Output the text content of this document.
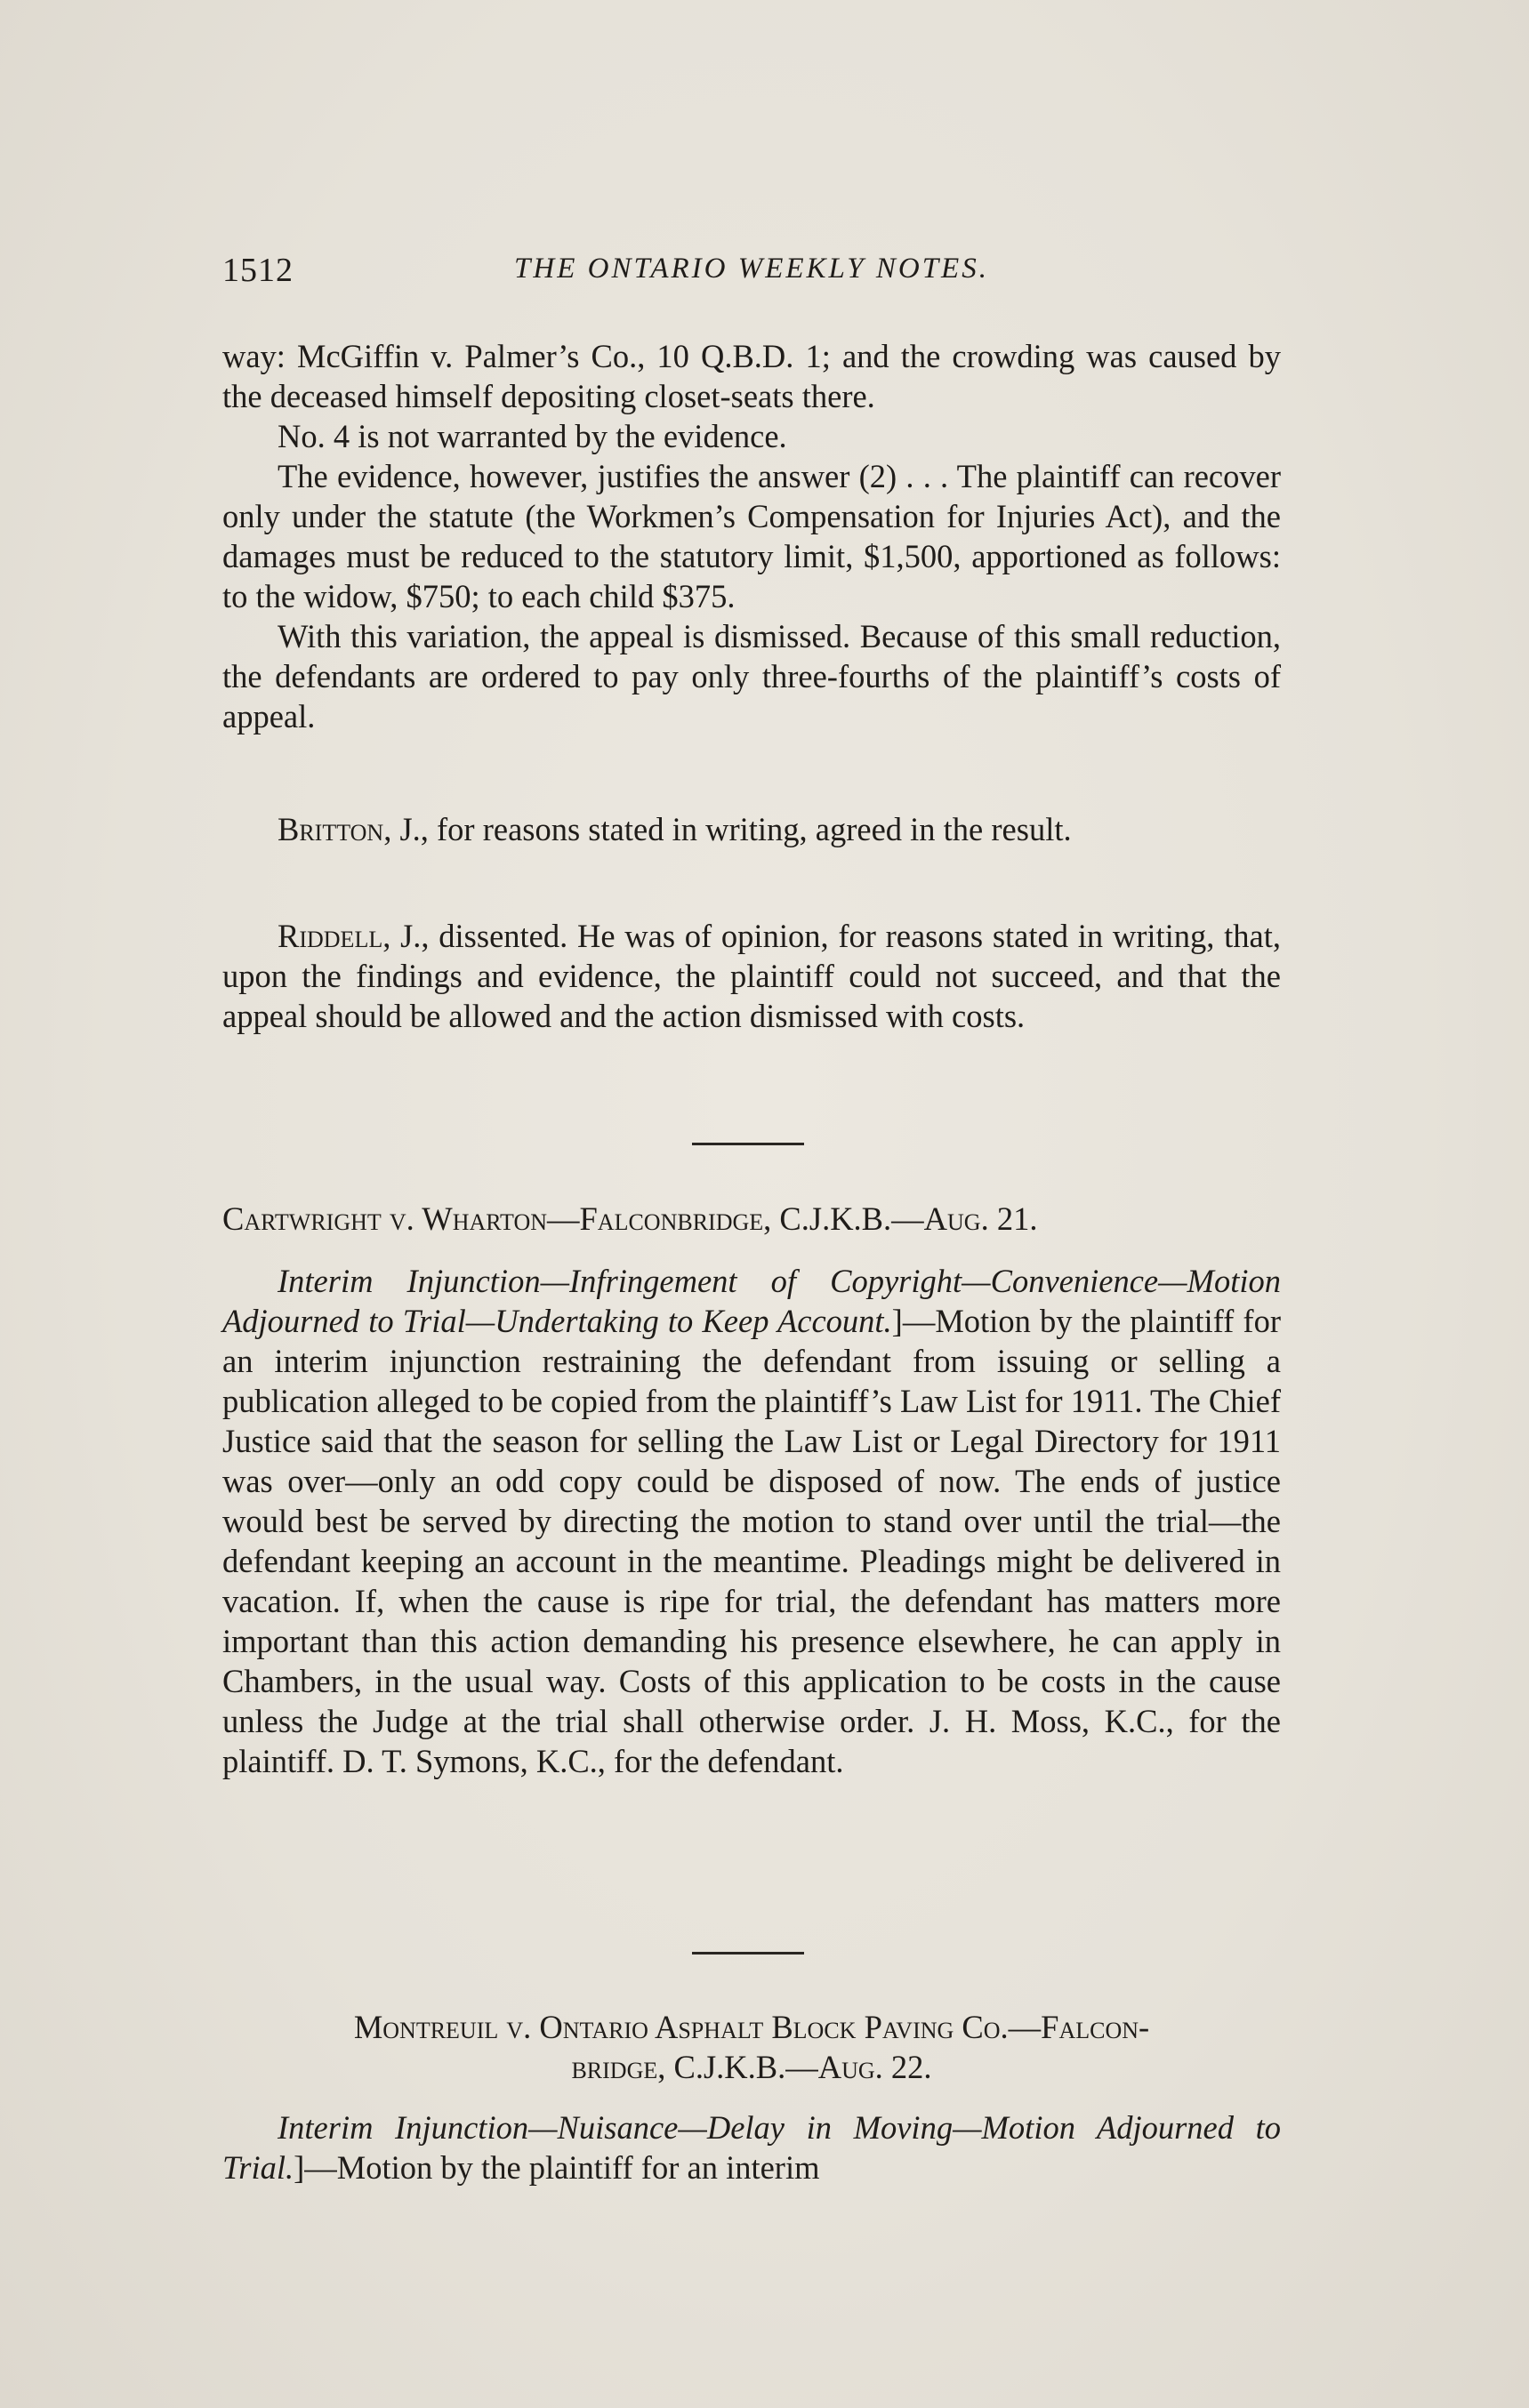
1512	THE ONTARIO WEEKLY NOTES.

way: McGiffin v. Palmer’s Co., 10 Q.B.D. 1; and the crowding was caused by the deceased himself depositing closet-seats there.

No. 4 is not warranted by the evidence.

The evidence, however, justifies the answer (2) . . . The plaintiff can recover only under the statute (the Workmen’s Compensation for Injuries Act), and the damages must be reduced to the statutory limit, $1,500, apportioned as follows: to the widow, $750; to each child $375.

With this variation, the appeal is dismissed. Because of this small reduction, the defendants are ordered to pay only three-fourths of the plaintiff’s costs of appeal.

Britton, J., for reasons stated in writing, agreed in the result.

Riddell, J., dissented. He was of opinion, for reasons stated in writing, that, upon the findings and evidence, the plaintiff could not succeed, and that the appeal should be allowed and the action dismissed with costs.

Cartwright v. Wharton—Falconbridge, C.J.K.B.—Aug. 21.

Interim Injunction—Infringement of Copyright—Convenience—Motion Adjourned to Trial—Undertaking to Keep Account.]—Motion by the plaintiff for an interim injunction restraining the defendant from issuing or selling a publication alleged to be copied from the plaintiff’s Law List for 1911. The Chief Justice said that the season for selling the Law List or Legal Directory for 1911 was over—only an odd copy could be disposed of now. The ends of justice would best be served by directing the motion to stand over until the trial—the defendant keeping an account in the meantime. Pleadings might be delivered in vacation. If, when the cause is ripe for trial, the defendant has matters more important than this action demanding his presence elsewhere, he can apply in Chambers, in the usual way. Costs of this application to be costs in the cause unless the Judge at the trial shall otherwise order. J. H. Moss, K.C., for the plaintiff. D. T. Symons, K.C., for the defendant.

Montreuil v. Ontario Asphalt Block Paving Co.—Falcon-
bridge, C.J.K.B.—Aug. 22.

Interim Injunction—Nuisance—Delay in Moving—Motion Adjourned to Trial.]—Motion by the plaintiff for an interim
